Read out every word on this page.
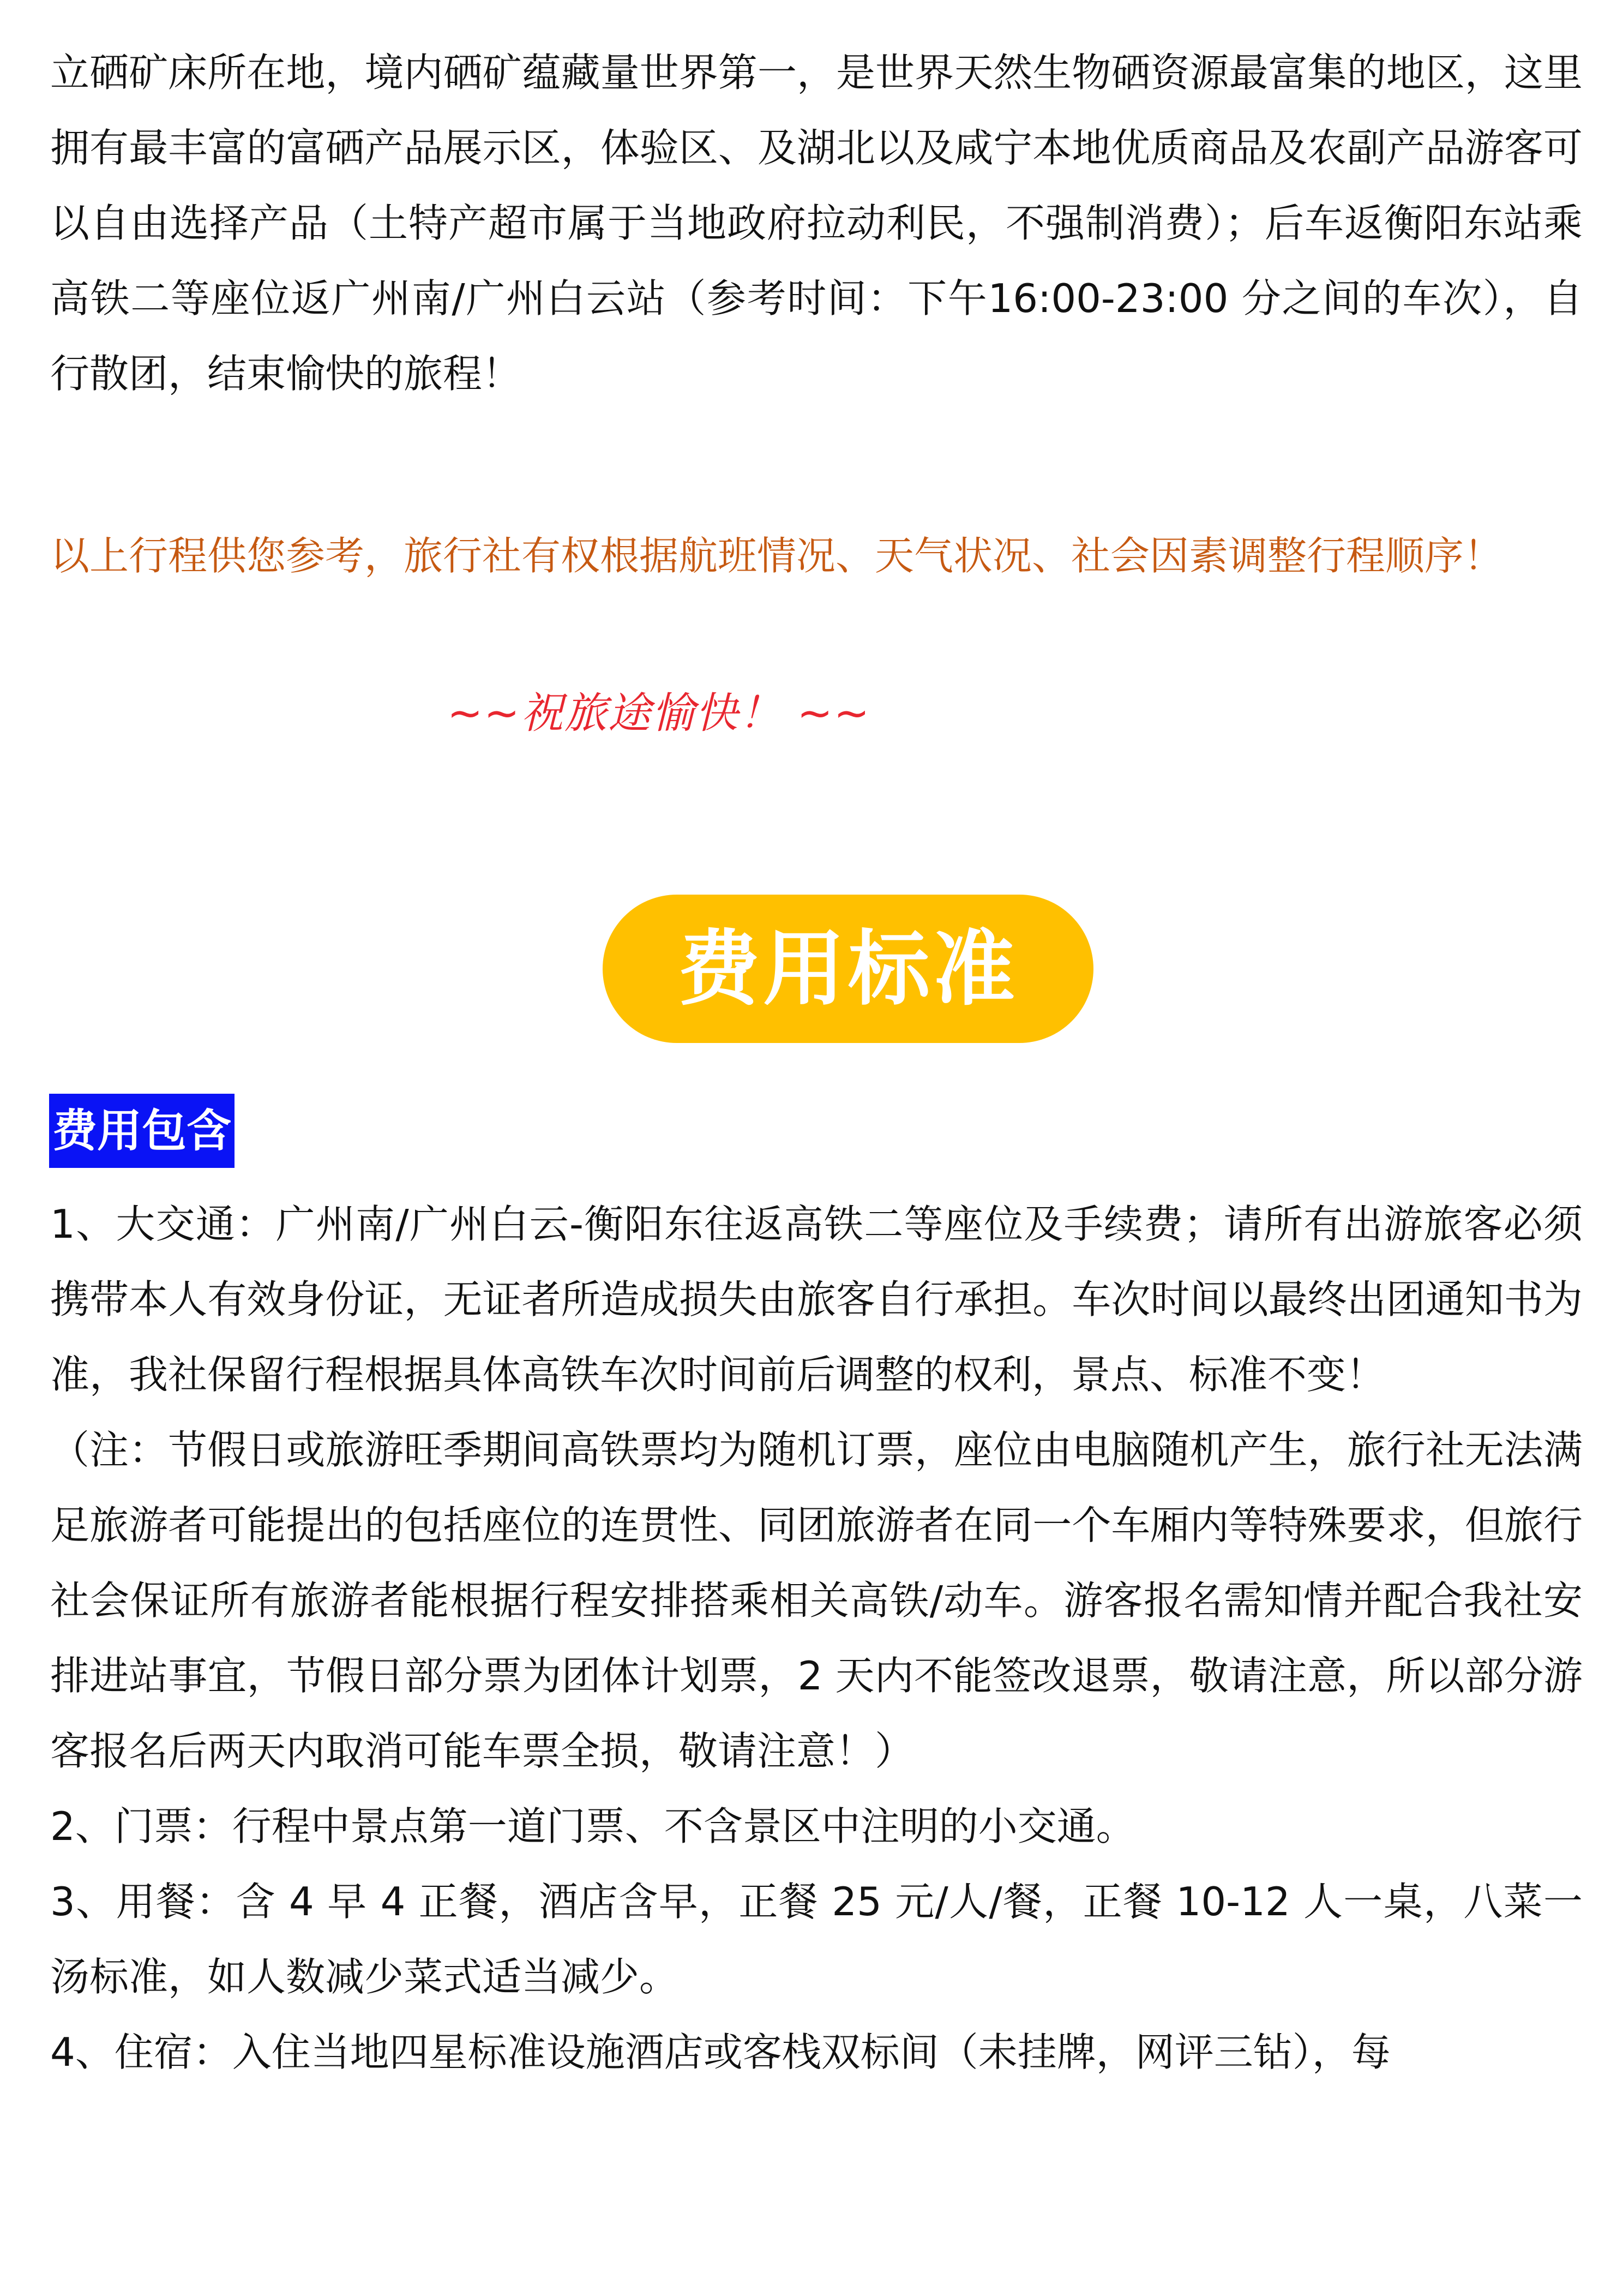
立硒矿床所在地，境内硒矿蕴藏量世界第一，是世界天然生物硒资源最富集的地区，这里拥有最丰富的富硒产品展示区，体验区、及湖北以及咸宁本地优质商品及农副产品游客可以自由选择产品（土特产超市属于当地政府拉动利民，不强制消费）；后车返衡阳东站乘高铁二等座位返广州南/广州白云站（参考时间：下午16:00-23:00 分之间的车次），自行散团，结束愉快的旅程！

以上行程供您参考，旅行社有权根据航班情况、天气状况、社会因素调整行程顺序！

~~祝旅途愉快！ ~~

费用标准
费用包含

1、大交通：广州南/广州白云-衡阳东往返高铁二等座位及手续费；请所有出游旅客必须携带本人有效身份证，无证者所造成损失由旅客自行承担。车次时间以最终出团通知书为准，我社保留行程根据具体高铁车次时间前后调整的权利，景点、标准不变！

（注：节假日或旅游旺季期间高铁票均为随机订票，座位由电脑随机产生，旅行社无法满足旅游者可能提出的包括座位的连贯性、同团旅游者在同一个车厢内等特殊要求，但旅行社会保证所有旅游者能根据行程安排搭乘相关高铁/动车。游客报名需知情并配合我社安排进站事宜，节假日部分票为团体计划票，2 天内不能签改退票，敬请注意，所以部分游客报名后两天内取消可能车票全损，敬请注意！）

2、门票：行程中景点第一道门票、不含景区中注明的小交通。

3、用餐：含 4 早 4 正餐，酒店含早，正餐 25 元/人/餐，正餐 10-12 人一桌，八菜一汤标准，如人数减少菜式适当减少。

4、住宿：入住当地四星标准设施酒店或客栈双标间（未挂牌，网评三钻），每
